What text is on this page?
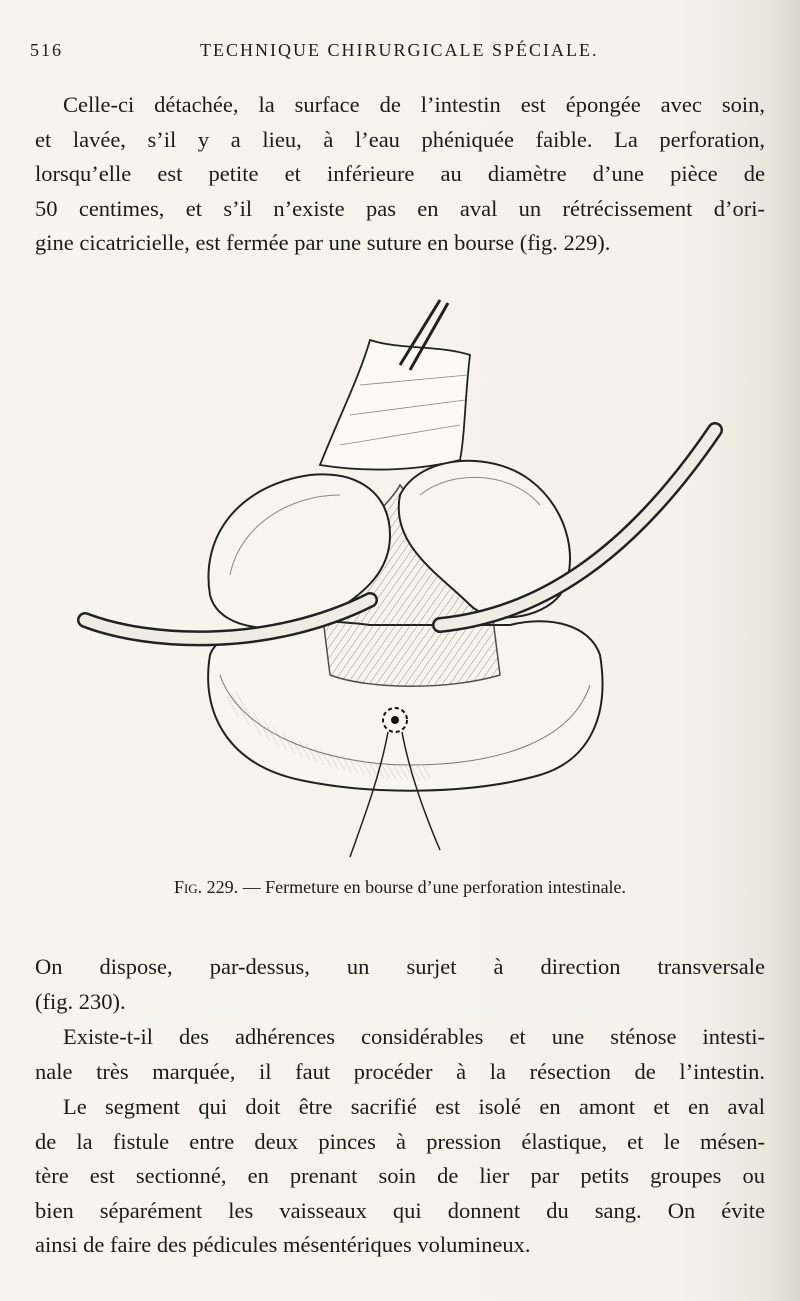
516	TECHNIQUE CHIRURGICALE SPÉCIALE.

Celle-ci détachée, la surface de l’intestin est épongée avec soin,
et lavée, s’il y a lieu, à l’eau phéniquée faible. La perforation,
lorsqu’elle est petite et inférieure au diamètre d’une pièce de
50 centimes, et s’il n’existe pas en aval un rétrécissement d’ori-
gine cicatricielle, est fermée par une suture en bourse (fig. 229).

Fig. 229. — Fermeture en bourse d’une perforation intestinale.

On dispose, par-dessus, un surjet à direction transversale
(fig. 230).

Existe-t-il des adhérences considérables et une sténose intesti-
nale très marquée, il faut procéder à la résection de l’intestin.

Le segment qui doit être sacrifié est isolé en amont et en aval
de la fistule entre deux pinces à pression élastique, et le mésen-
tère est sectionné, en prenant soin de lier par petits groupes ou
bien séparément les vaisseaux qui donnent du sang. On évite
ainsi de faire des pédicules mésentériques volumineux.
